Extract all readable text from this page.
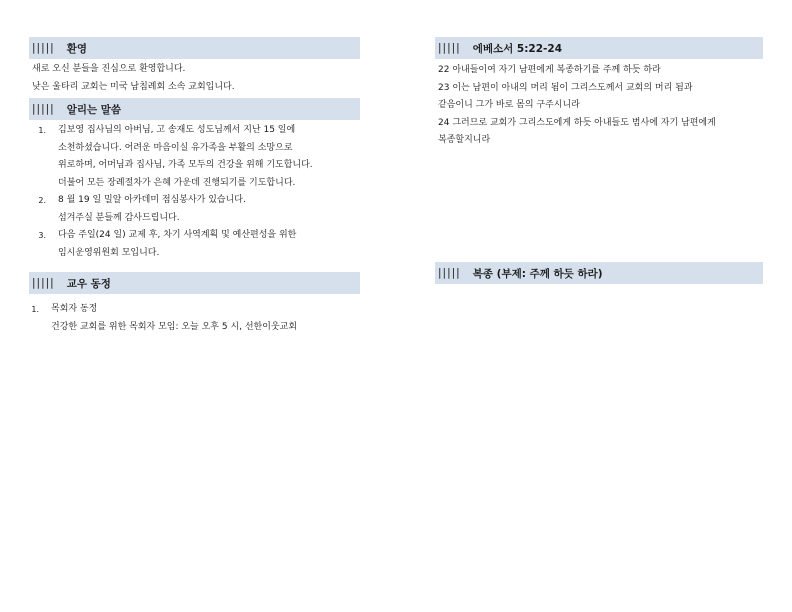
||||| 환영
새로 오신 분들을 진심으로 환영합니다.
낮은 울타리 교회는 미국 남침례회 소속 교회입니다.
||||| 알리는 말씀
1.	김보영 집사님의 아버님, 고 송재도 성도님께서 지난 15 일에
소천하셨습니다. 어려운 마음이실 유가족을 부활의 소망으로
위로하며, 어머님과 집사님, 가족 모두의 건강을 위해 기도합니다.
더불어 모든 장례절차가 은혜 가운데 진행되기를 기도합니다.
2.	8 월 19 일 밀알 아카데미 점심봉사가 있습니다.
섬겨주실 분들께 감사드립니다.
3.	다음 주일(24 일) 교제 후, 차기 사역계획 및 예산편성을 위한
임시운영위원회 모입니다.
||||| 교우 동정
1.	목회자 동정
건강한 교회를 위한 목회자 모임: 오늘 오후 5 시, 선한이웃교회
||||| 에베소서 5:22-24
22 아내들이여 자기 남편에게 복종하기를 주께 하듯 하라
23 이는 남편이 아내의 머리 됨이 그리스도께서 교회의 머리 됨과
같음이니 그가 바로 몸의 구주시니라
24 그러므로 교회가 그리스도에게 하듯 아내들도 범사에 자기 남편에게
복종할지니라
||||| 복종 (부제: 주께 하듯 하라)
